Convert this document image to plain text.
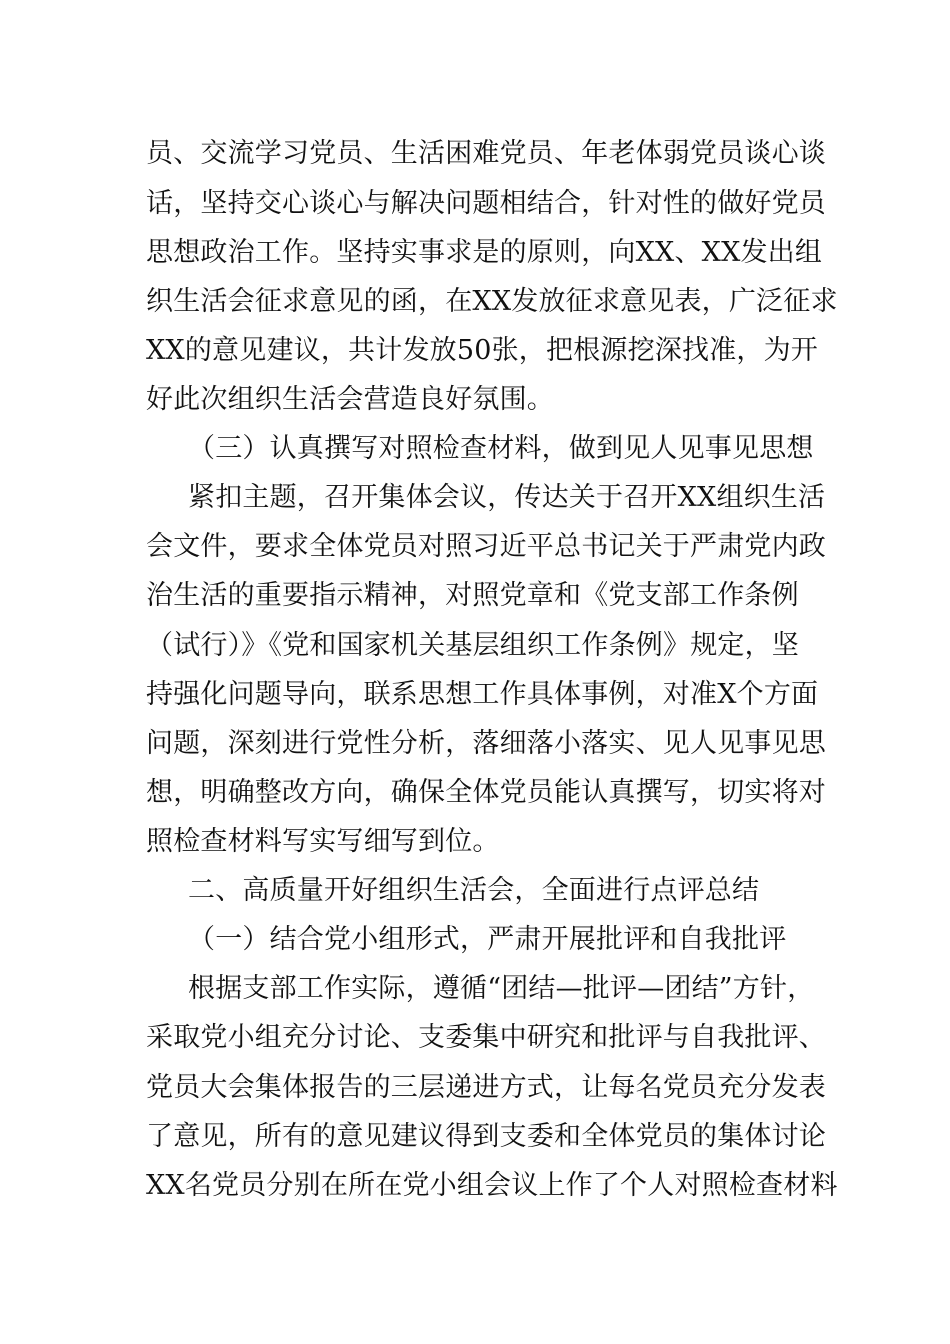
员、交流学习党员、生活困难党员、年老体弱党员谈心谈
话，坚持交心谈心与解决问题相结合，针对性的做好党员
思想政治工作。坚持实事求是的原则，向XX、XX发出组
织生活会征求意见的函，在XX发放征求意见表，广泛征求
XX的意见建议，共计发放50张，把根源挖深找准，为开
好此次组织生活会营造良好氛围。
（三）认真撰写对照检查材料，做到见人见事见思想
紧扣主题，召开集体会议，传达关于召开XX组织生活
会文件，要求全体党员对照习近平总书记关于严肃党内政
治生活的重要指示精神，对照党章和《党支部工作条例
（试行）》《党和国家机关基层组织工作条例》规定，坚
持强化问题导向，联系思想工作具体事例，对准X个方面
问题，深刻进行党性分析，落细落小落实、见人见事见思
想，明确整改方向，确保全体党员能认真撰写，切实将对
照检查材料写实写细写到位。
二、高质量开好组织生活会，全面进行点评总结
（一）结合党小组形式，严肃开展批评和自我批评
根据支部工作实际，遵循“团结—批评—团结”方针，
采取党小组充分讨论、支委集中研究和批评与自我批评、
党员大会集体报告的三层递进方式，让每名党员充分发表
了意见，所有的意见建议得到支委和全体党员的集体讨论
XX名党员分别在所在党小组会议上作了个人对照检查材料
